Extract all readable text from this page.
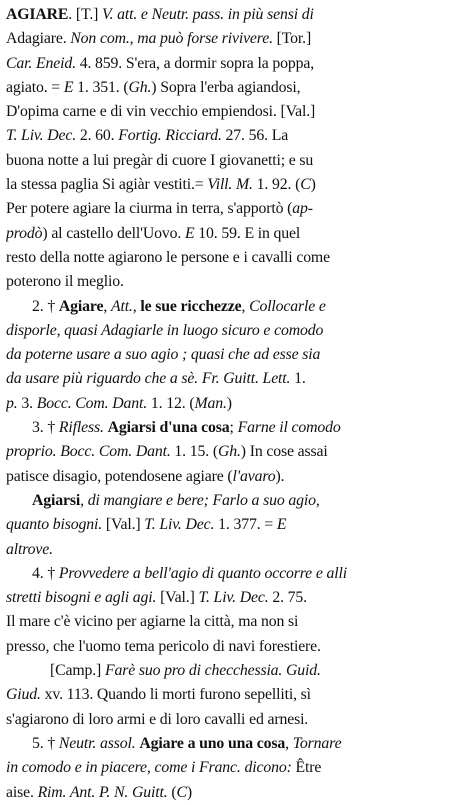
AGIARE. [T.] V. att. e Neutr. pass. in più sensi di
Adagiare. Non com., ma può forse rivivere. [Tor.]
Car. Eneid. 4. 859. S'era, a dormir sopra la poppa,
agiato. = E 1. 351. (Gh.) Sopra l'erba agiandosi,
D'opima carne e di vin vecchio empiendosi. [Val.]
T. Liv. Dec. 2. 60. Fortig. Ricciard. 27. 56. La
buona notte a lui pregàr di cuore I giovanetti; e su
la stessa paglia Si agiàr vestiti.= Vill. M. 1. 92. (C)
Per potere agiare la ciurma in terra, s'apportò (ap-
prodò) al castello dell'Uovo. E 10. 59. E in quel
resto della notte agiarono le persone e i cavalli come
poterono il meglio.
2. † Agiare, Att., le sue ricchezze, Collocarle e
disporle, quasi Adagiarle in luogo sicuro e comodo
da poterne usare a suo agio ; quasi che ad esse sia
da usare più riguardo che a sè. Fr. Guitt. Lett. 1.
p. 3. Bocc. Com. Dant. 1. 12. (Man.)
3. † Rifless. Agiarsi d'una cosa; Farne il comodo
proprio. Bocc. Com. Dant. 1. 15. (Gh.) In cose assai
patisce disagio, potendosene agiare (l'avaro).
Agiarsi, di mangiare e bere; Farlo a suo agio,
quanto bisogni. [Val.] T. Liv. Dec. 1. 377. = E
altrove.
4. † Provvedere a bell'agio di quanto occorre e alli
stretti bisogni e agli agi. [Val.] T. Liv. Dec. 2. 75.
Il mare c'è vicino per agiarne la città, ma non si
presso, che l'uomo tema pericolo di navi forestiere.
[Camp.] Farè suo pro di checchessia. Guid.
Giud. xv. 113. Quando li morti furono sepelliti, sì
s'agiarono di loro armi e di loro cavalli ed arnesi.
5. † Neutr. assol. Agiare a uno una cosa, Tornare
in comodo e in piacere, come i Franc. dicono: Être
aise. Rim. Ant. P. N. Guitt. (C)
